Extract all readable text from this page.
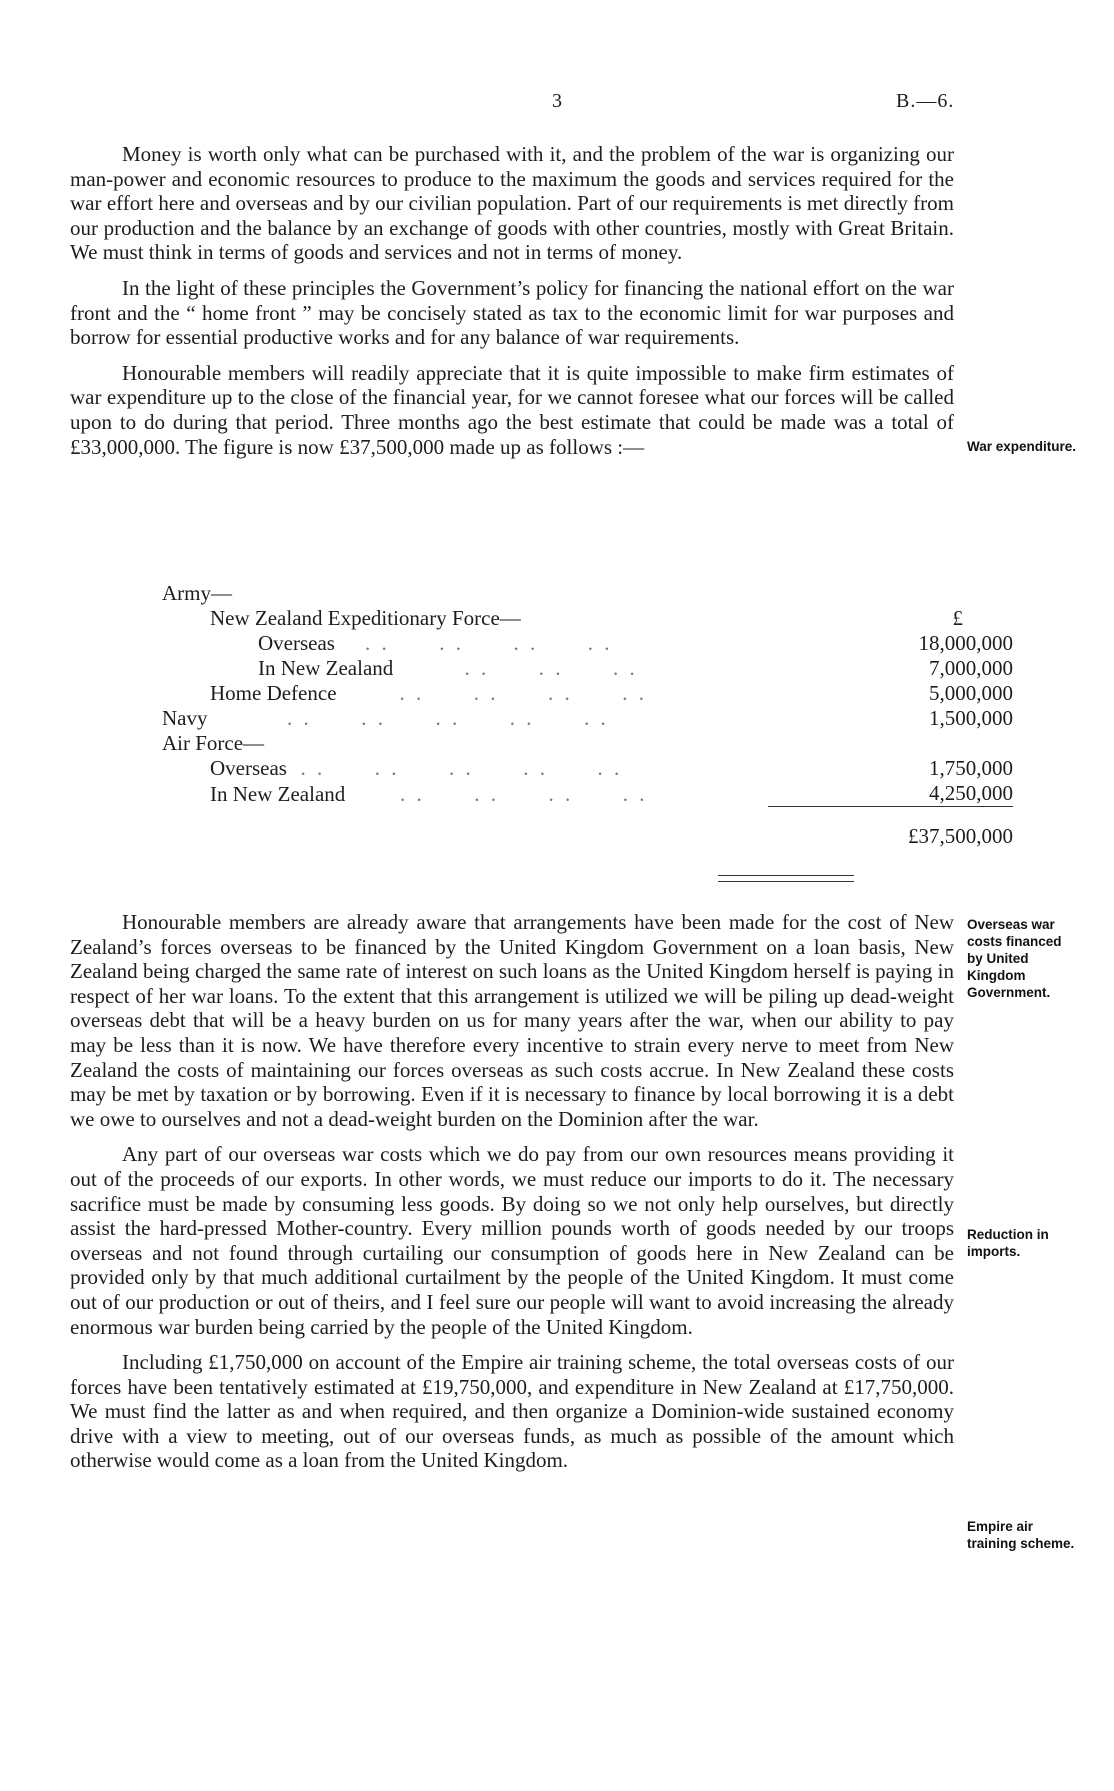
3	B.—6.

Money is worth only what can be purchased with it, and the problem of the war is organizing our man-power and economic resources to produce to the maximum the goods and services required for the war effort here and overseas and by our civilian population. Part of our requirements is met directly from our production and the balance by an exchange of goods with other countries, mostly with Great Britain. We must think in terms of goods and services and not in terms of money.

In the light of these principles the Government’s policy for financing the national effort on the war front and the “ home front ” may be concisely stated as tax to the economic limit for war purposes and borrow for essential productive works and for any balance of war requirements.

Honourable members will readily appreciate that it is quite impossible to make firm estimates of war expenditure up to the close of the financial year, for we cannot foresee what our forces will be called upon to do during that period. Three months ago the best estimate that could be made was a total of £33,000,000. The figure is now £37,500,000 made up as follows :—	War expenditure.
Army—	
New Zealand Expeditionary Force—	£
Overseas    . .      . .      . .      . .	18,000,000
In New Zealand         . .      . .      . .	7,000,000
Home Defence        . .      . .      . .      . .	5,000,000
Navy          . .      . .      . .      . .      . .	1,500,000
Air Force—	
Overseas  . .      . .      . .      . .      . .	1,750,000
In New Zealand       . .      . .      . .      . .	4,250,000
	£37,500,000

Honourable members are already aware that arrangements have been made for the cost of New Zealand’s forces overseas to be financed by the United Kingdom Government on a loan basis, New Zealand being charged the same rate of interest on such loans as the United Kingdom herself is paying in respect of her war loans. To the extent that this arrangement is utilized we will be piling up dead-weight overseas debt that will be a heavy burden on us for many years after the war, when our ability to pay may be less than it is now. We have therefore every incentive to strain every nerve to meet from New Zealand the costs of maintaining our forces overseas as such costs accrue. In New Zealand these costs may be met by taxation or by borrowing. Even if it is necessary to finance by local borrowing it is a debt we owe to ourselves and not a dead-weight burden on the Dominion after the war.

Any part of our overseas war costs which we do pay from our own resources means providing it out of the proceeds of our exports. In other words, we must reduce our imports to do it. The necessary sacrifice must be made by consuming less goods. By doing so we not only help ourselves, but directly assist the hard-pressed Mother-country. Every million pounds worth of goods needed by our troops overseas and not found through curtailing our consumption of goods here in New Zealand can be provided only by that much additional curtailment by the people of the United Kingdom. It must come out of our production or out of theirs, and I feel sure our people will want to avoid increasing the already enormous war burden being carried by the people of the United Kingdom.

Including £1,750,000 on account of the Empire air training scheme, the total overseas costs of our forces have been tentatively estimated at £19,750,000, and expenditure in New Zealand at £17,750,000. We must find the latter as and when required, and then organize a Dominion-wide sustained economy drive with a view to meeting, out of our overseas funds, as much as possible of the amount which otherwise would come as a loan from the United Kingdom.

Overseas war costs financed by United Kingdom Government.
Reduction in imports.
Empire air training scheme.
